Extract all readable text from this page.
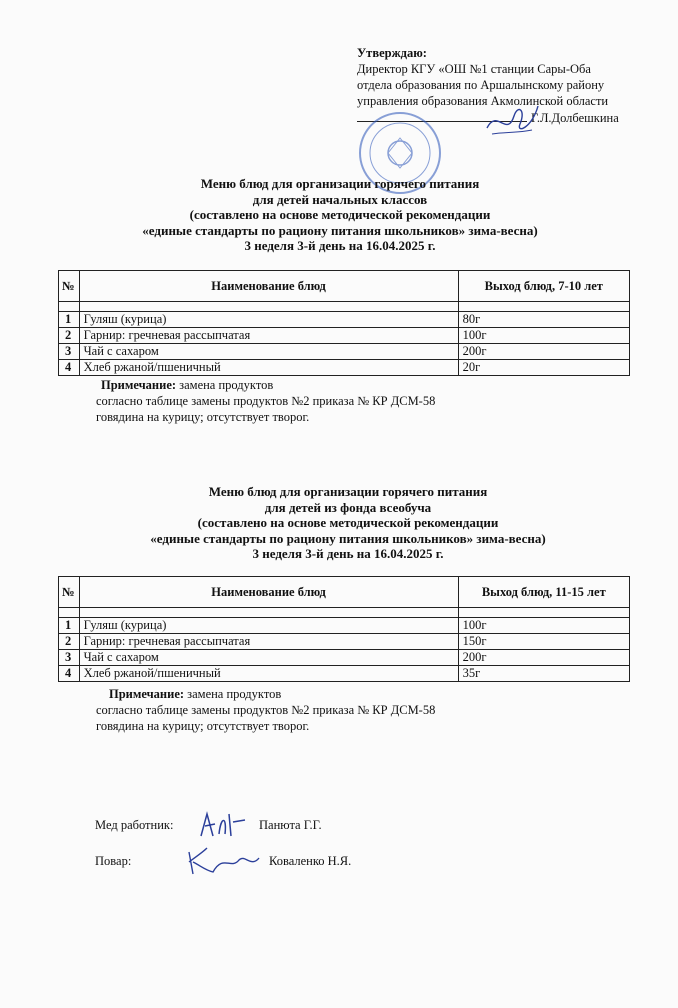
Утверждаю:
Директор КГУ «ОШ №1 станции Сары-Оба
отдела образования по Аршалынскому району
управления образования Акмолинской области
Г.Л.Долбешкина
Меню блюд для организации горячего питания
для детей начальных классов
(составлено на основе методической рекомендации
«единые стандарты по рациону питания школьников» зима-весна)
3 неделя 3-й день на 16.04.2025 г.
№	Наименование блюд	Выход блюд, 7-10 лет

1	Гуляш (курица)	80г
2	Гарнир: гречневая рассыпчатая	100г
3	Чай с сахаром	200г
4	Хлеб ржаной/пшеничный	20г
Примечание: замена продуктов
согласно таблице замены продуктов №2 приказа № КР ДСМ-58
говядина на курицу; отсутствует творог.
Меню блюд для организации горячего питания
для детей из фонда всеобуча
(составлено на основе методической рекомендации
«единые стандарты по рациону питания школьников» зима-весна)
3 неделя 3-й день на 16.04.2025 г.
№	Наименование блюд	Выход блюд, 11-15 лет

1	Гуляш (курица)	100г
2	Гарнир: гречневая рассыпчатая	150г
3	Чай с сахаром	200г
4	Хлеб ржаной/пшеничный	35г
Примечание: замена продуктов
согласно таблице замены продуктов №2 приказа № КР ДСМ-58
говядина на курицу; отсутствует творог.
Мед работник:	Панюта Г.Г.
Повар:	Коваленко Н.Я.
